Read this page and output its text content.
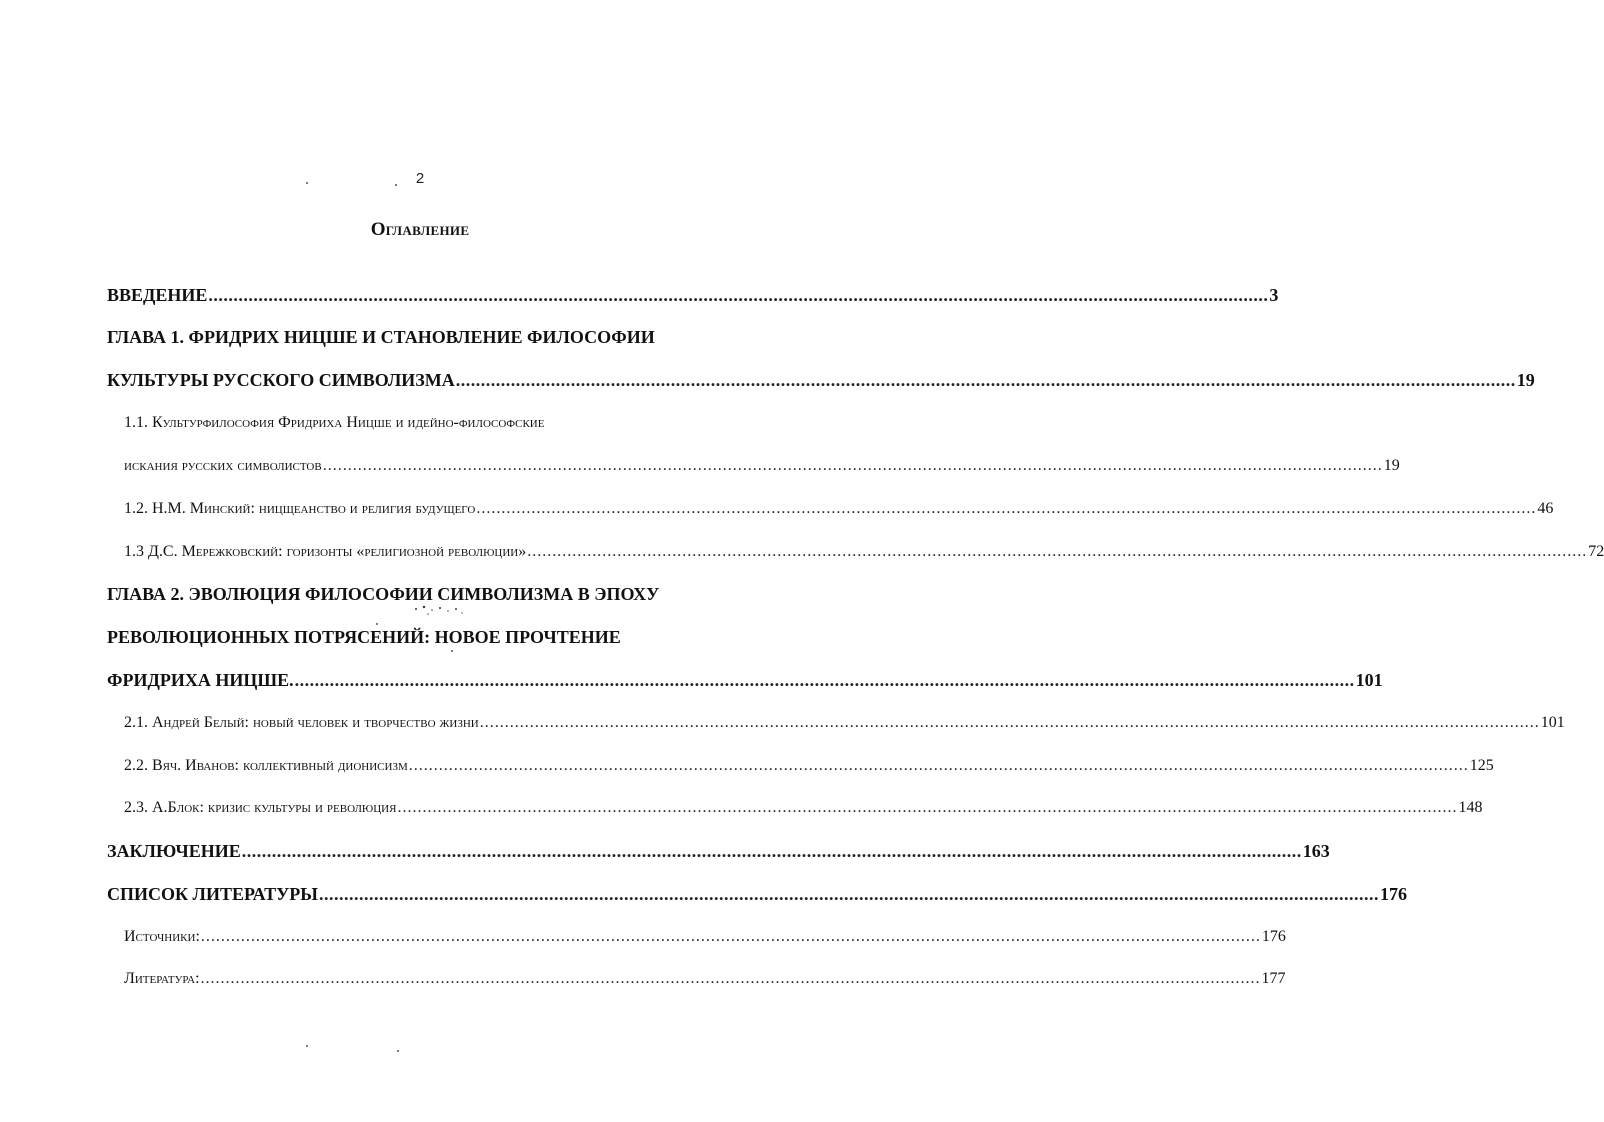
2
Оглавление
ВВЕДЕНИЕ .................................................................................................................................................................................................................... 3
ГЛАВА 1. ФРИДРИХ НИЦШЕ И СТАНОВЛЕНИЕ ФИЛОСОФИИ
КУЛЬТУРЫ РУССКОГО СИМВОЛИЗМА .................................................................................................................................................................................................................... 19
1.1. Культурфилософия Фридриха Ницше и идейно-философские
искания русских символистов .................................................................................................................................................................................................................... 19
1.2. Н.М. Минский: ницщеанство и религия будущего .................................................................................................................................................................................................................... 46
1.3 Д.С. Мережковский: горизонты «религиозной революции» .................................................................................................................................................................................................................... 72
ГЛАВА 2. ЭВОЛЮЦИЯ ФИЛОСОФИИ СИМВОЛИЗМА В ЭПОХУ
РЕВОЛЮЦИОННЫХ ПОТРЯСЕНИЙ: НОВОЕ ПРОЧТЕНИЕ
ФРИДРИХА НИЦШЕ. .................................................................................................................................................................................................................... 101
2.1. Андрей Белый: новый человек и творчество жизни .................................................................................................................................................................................................................... 101
2.2. Вяч. Иванов: коллективный дионисизм .................................................................................................................................................................................................................... 125
2.3. А.Блок: кризис культуры и революция .................................................................................................................................................................................................................... 148
ЗАКЛЮЧЕНИЕ .................................................................................................................................................................................................................... 163
СПИСОК ЛИТЕРАТУРЫ .................................................................................................................................................................................................................... 176
Источники: .................................................................................................................................................................................................................... 176
Литература: .................................................................................................................................................................................................................... 177
